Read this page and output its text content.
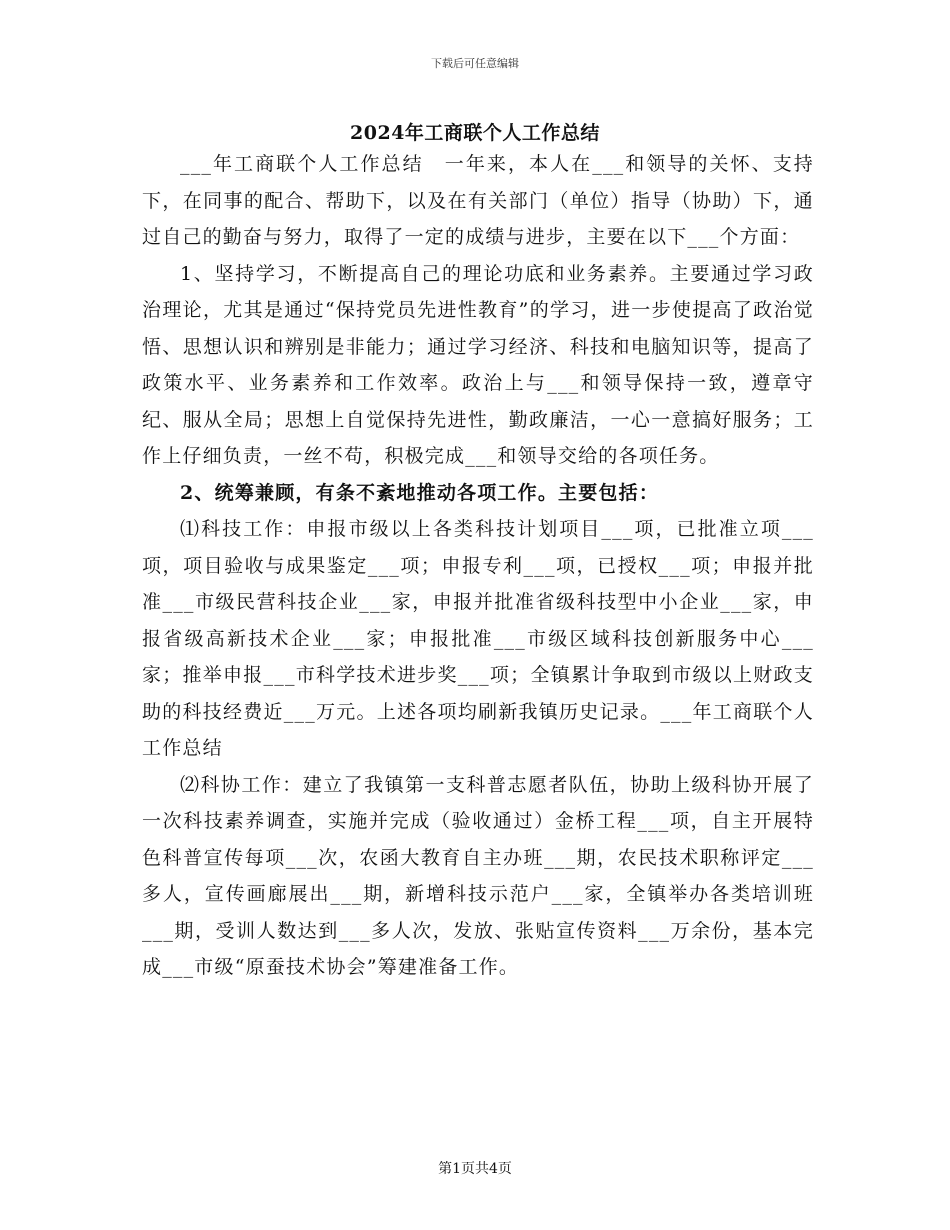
下载后可任意编辑
2024年工商联个人工作总结

___年工商联个人工作总结　一年来，本人在___和领导的关怀、支持下，在同事的配合、帮助下，以及在有关部门（单位）指导（协助）下，通过自己的勤奋与努力，取得了一定的成绩与进步，主要在以下___个方面：

1、坚持学习，不断提高自己的理论功底和业务素养。主要通过学习政治理论，尤其是通过“保持党员先进性教育”的学习，进一步使提高了政治觉悟、思想认识和辨别是非能力；通过学习经济、科技和电脑知识等，提高了政策水平、业务素养和工作效率。政治上与___和领导保持一致，遵章守纪、服从全局；思想上自觉保持先进性，勤政廉洁，一心一意搞好服务；工作上仔细负责，一丝不苟，积极完成___和领导交给的各项任务。

2、统筹兼顾，有条不紊地推动各项工作。主要包括：

⑴科技工作：申报市级以上各类科技计划项目___项，已批准立项___项，项目验收与成果鉴定___项；申报专利___项，已授权___项；申报并批准___市级民营科技企业___家，申报并批准省级科技型中小企业___家，申报省级高新技术企业___家；申报批准___市级区域科技创新服务中心___家；推举申报___市科学技术进步奖___项；全镇累计争取到市级以上财政支助的科技经费近___万元。上述各项均刷新我镇历史记录。___年工商联个人工作总结

⑵科协工作：建立了我镇第一支科普志愿者队伍，协助上级科协开展了一次科技素养调查，实施并完成（验收通过）金桥工程___项，自主开展特色科普宣传每项___次，农函大教育自主办班___期，农民技术职称评定___多人，宣传画廊展出___期，新增科技示范户___家，全镇举办各类培训班___期，受训人数达到___多人次，发放、张贴宣传资料___万余份，基本完成___市级“原蚕技术协会”筹建准备工作。

第1页共4页
